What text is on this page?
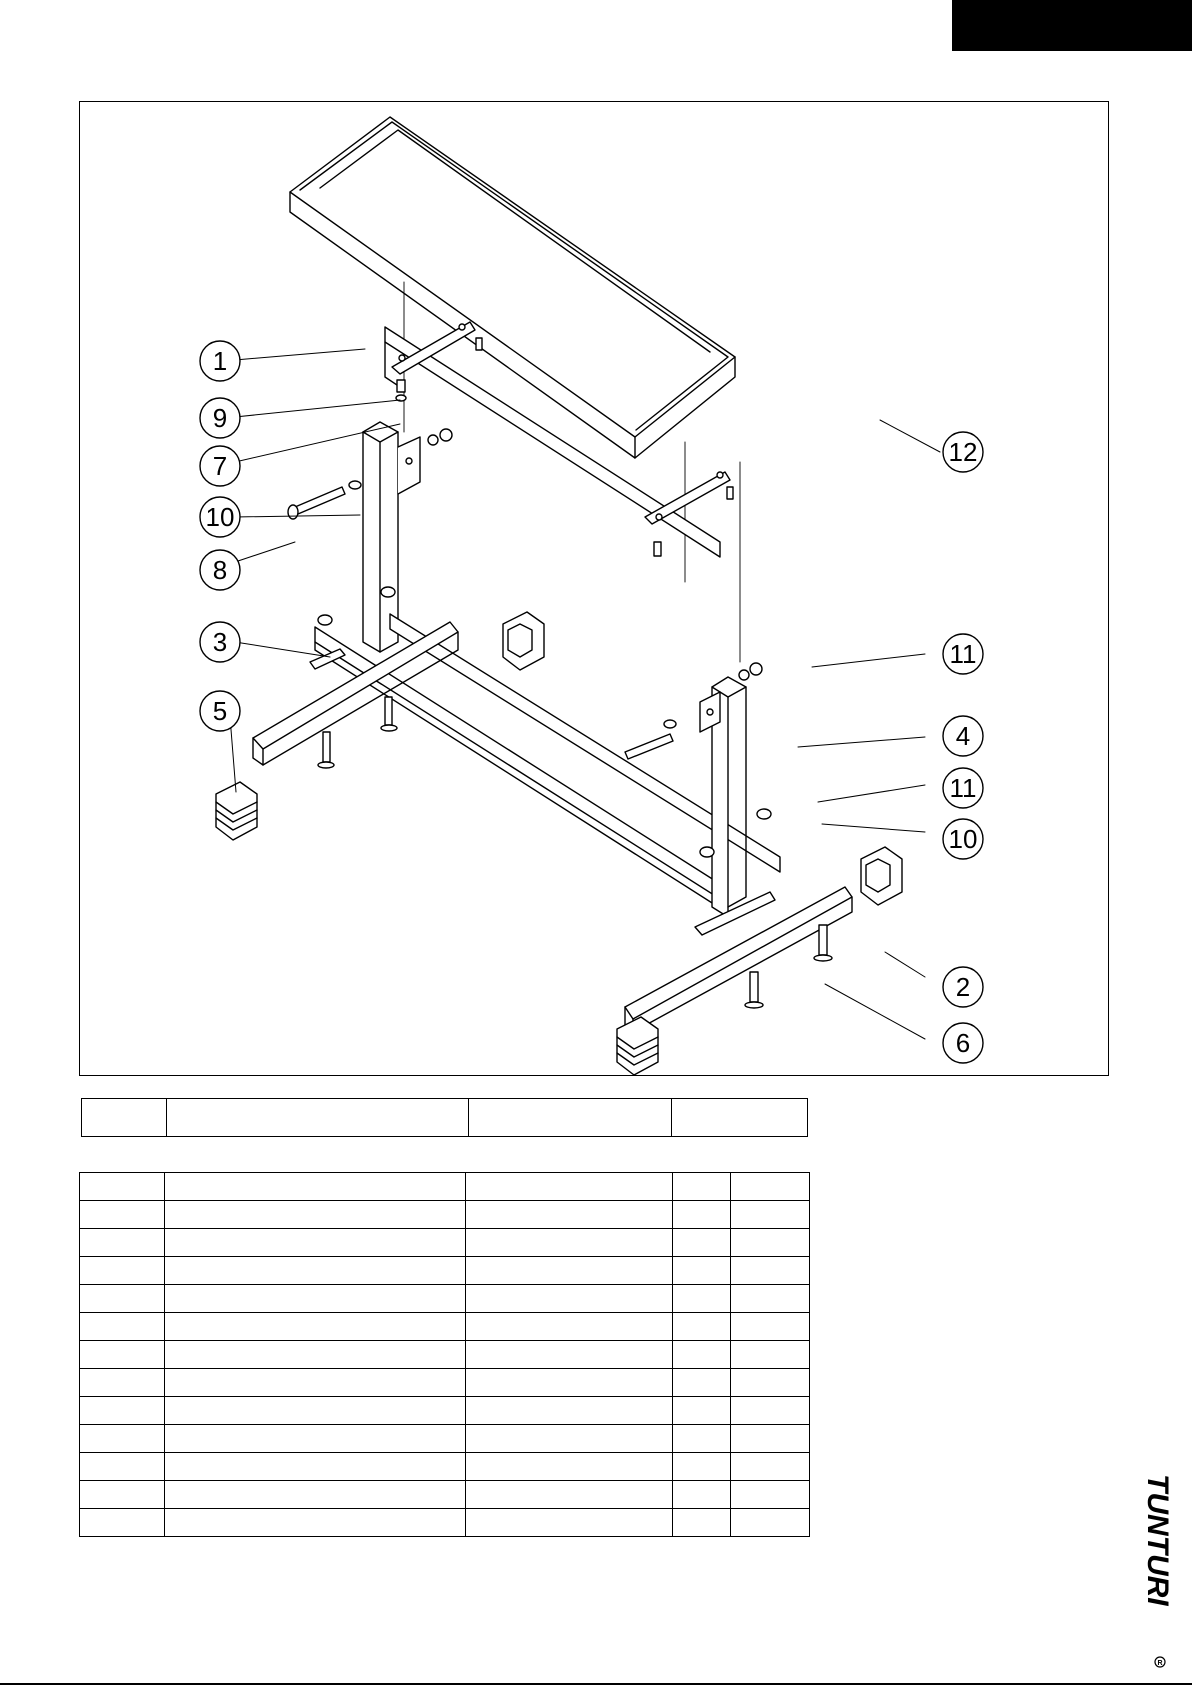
1
9
7
10
8
3
5
12
11
4
11
10
2
6

TUNTURI
R
